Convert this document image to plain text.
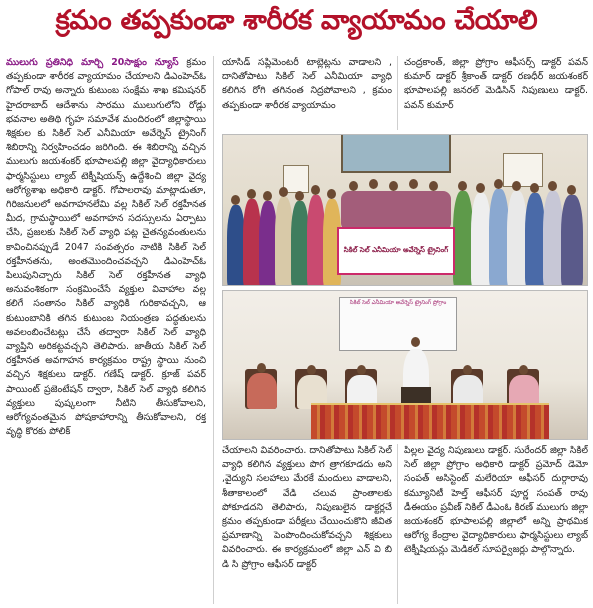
క్రమం తప్పకుండా శారీరక వ్యాయామం చేయాలి

ములుగు ప్రతినిధి మార్చి 20సాక్షుం న్యూస్ క్రమం తప్పకుండా శారీరక వ్యాయామం చేయాలని డిఎంహెచ్ఓ గోపాల్ రావు అన్నారు కుటుంబ సంక్షేమ శాఖ కమిషనర్ హైదరాబాద్ ఆదేశాను సారము ములుగులోని రోడ్లు భవనాల అతిథి గృహ సమావేశ మందిరంలో జిల్లాస్థాయి శిక్షకుల కు సికిల్ సెల్ ఎనీమియా అవేర్నెస్ ట్రైనింగ్ శిబిరాన్ని నిర్వహించడం జరిగింది. ఈ శిబిరాన్ని వచ్చిన ములుగు జయశంకర్ భూపాలపల్లి జిల్లా వైద్యాధికారులు ఫార్మసిస్టులు ల్యాబ్ టెక్నీషియన్స్ ఉద్దేశించి జిల్లా వైద్య ఆరోగ్యశాఖ అధికారి డాక్టర్. గోపాలరావు మాట్లాడుతూ, గిరిజనులలో అవగాహనలేమి వల్ల సికిల్ సెల్ రక్తహీనత మీద, గ్రామస్థాయిలో అవగాహన సదస్సులను ఏర్పాటు చేసి, ప్రజలకు సికిల్ సెల్ వ్యాధి పట్ల చైతన్యవంతులను కావించినప్పుడే 2047 సంవత్సరం నాటికి సికిల్ సెల్ రక్తహీనతను, అంతమొందించవచ్చని డిఎంహెచ్ఓ పిలుపునిచ్చారు సికిల్ సెల్ రక్తహీనత వ్యాధి అనువంశికంగా సంక్రమించేసే వ్యక్తుల వివాహాల వల్ల కలిగే సంతానం సికిల్ వ్యాధికి గురికావచ్చని, ఆ కుటుంబానికి తగిన కుటుంబ నియంత్రణ పద్ధతులను అవలంబించేటట్లు చేసే తద్వారా సికిల్ సెల్ వ్యాధి వ్యాప్తిని అరికట్టవచ్చని తెలిపారు. జాతీయ సికిల్ సెల్ రక్తహీనత అవగాహన కార్యక్రమం రాష్ట్ర స్థాయి నుంచి వచ్చిన శిక్షకులు డాక్టర్. గణేష్ డాక్టర్. క్రూజ్ పవర్ పాయింట్ ప్రజెంటేషన్ ద్వారా, సికిల్ సెల్ వ్యాధి కలిగిన వ్యక్తులు పుష్కలంగా నీటిని తీసుకోవాలని, ఆరోగ్యవంతమైన పోషకాహారాన్ని తీసుకోవాలని, రక్త వృద్ధి కొరకు పోలిక్

యాసిడ్ సప్లిమెంటరీ టాబ్లెట్లను వాడాలని , దానితోపాటు సికిల్ సెల్ ఎనీమియా వ్యాధి కలిగిన రోగి తగినంత నిద్రపోవాలని , క్రమం తప్పకుండా శారీరక వ్యాయామం

చంద్రకాంత్, జిల్లా ప్రోగ్రాం ఆఫీసర్స్ డాక్టర్ పవన్ కుమార్ డాక్టర్ శ్రీకాంత్ డాక్టర్ రణధీర్ జయశంకర్ భూపాలపల్లి జనరల్ మెడిసిన్ నిపుణులు డాక్టర్. పవన్ కుమార్

సికిల్ సెల్ ఎనీమియా అవేర్నెస్ ట్రైనింగ్
సికిల్ సెల్ ఎనీమియా అవేర్నెస్ ట్రైనింగ్ ప్రోగ్రాం

చేయాలని వివరించారు. దానితోపాటు సికిల్ సెల్ వ్యాధి కలిగిన వ్యక్తులు పొగ త్రాగకూడదు అని ,వైద్యుని సలహాలు మేరకే మందులు వాడాలని, శీతాకాలంలో వేడి చలువ ప్రాంతాలకు పోకూడదని తెలిపారు, నిపుణులైన డాక్టర్లచే క్రమం తప్పకుండా పరీక్షలు చేయించుకొని జీవిత ప్రమాణాన్ని పెంపొందించుకోవచ్చని శిక్షకులు వివరించారు. ఈ కార్యక్రమంలో జిల్లా ఎన్ వి బి డి సి ప్రోగ్రాం ఆఫీసర్ డాక్టర్

పిల్లల వైద్య నిపుణులు డాక్టర్. సురేందర్ జిల్లా సికిల్ సెల్ జిల్లా ప్రోగ్రాం అధికారి డాక్టర్ ప్రమోద్ డెమో సంపత్ అసిస్టెంట్ మలేరియా ఆఫీసర్ దుర్గారావు కమ్యూనిటీ హెల్త్ ఆఫీసర్ పూర్ణ సంపత్ రావు డీఈయం ప్రవీణ్ నికిల్ డీఎంఓ కిరణ్ ములుగు జిల్లా జయశంకర్ భూపాలపల్లి జిల్లాలో అన్ని ప్రాథమిక ఆరోగ్య కేంద్రాల వైద్యాధికారులు ఫార్మసిస్టులు ల్యాబ్ టెక్నీషియన్లు మెడికల్ సూపర్వైజర్లు పాల్గొన్నారు.
